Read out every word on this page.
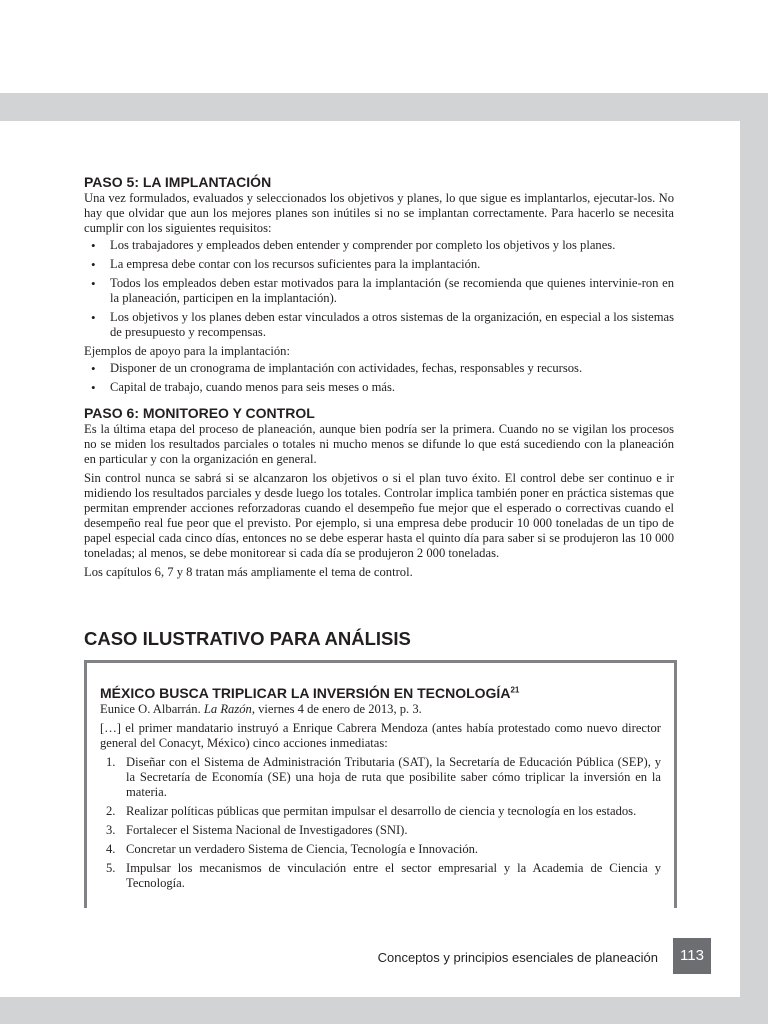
PASO 5: LA IMPLANTACIÓN

Una vez formulados, evaluados y seleccionados los objetivos y planes, lo que sigue es implantarlos, ejecutar-los. No hay que olvidar que aun los mejores planes son inútiles si no se implantan correctamente. Para hacerlo se necesita cumplir con los siguientes requisitos:

• Los trabajadores y empleados deben entender y comprender por completo los objetivos y los planes.
• La empresa debe contar con los recursos suficientes para la implantación.
• Todos los empleados deben estar motivados para la implantación (se recomienda que quienes intervinie-ron en la planeación, participen en la implantación).
• Los objetivos y los planes deben estar vinculados a otros sistemas de la organización, en especial a los sistemas de presupuesto y recompensas.

Ejemplos de apoyo para la implantación:

• Disponer de un cronograma de implantación con actividades, fechas, responsables y recursos.
• Capital de trabajo, cuando menos para seis meses o más.
PASO 6: MONITOREO Y CONTROL

Es la última etapa del proceso de planeación, aunque bien podría ser la primera. Cuando no se vigilan los procesos no se miden los resultados parciales o totales ni mucho menos se difunde lo que está sucediendo con la planeación en particular y con la organización en general.

Sin control nunca se sabrá si se alcanzaron los objetivos o si el plan tuvo éxito. El control debe ser continuo e ir midiendo los resultados parciales y desde luego los totales. Controlar implica también poner en práctica sistemas que permitan emprender acciones reforzadoras cuando el desempeño fue mejor que el esperado o correctivas cuando el desempeño real fue peor que el previsto. Por ejemplo, si una empresa debe producir 10 000 toneladas de un tipo de papel especial cada cinco días, entonces no se debe esperar hasta el quinto día para saber si se produjeron las 10 000 toneladas; al menos, se debe monitorear si cada día se produjeron 2 000 toneladas.

Los capítulos 6, 7 y 8 tratan más ampliamente el tema de control.

CASO ILUSTRATIVO PARA ANÁLISIS
MÉXICO BUSCA TRIPLICAR LA INVERSIÓN EN TECNOLOGÍA$^{21}$

Eunice O. Albarrán. La Razón, viernes 4 de enero de 2013, p. 3.

[…] el primer mandatario instruyó a Enrique Cabrera Mendoza (antes había protestado como nuevo director general del Conacyt, México) cinco acciones inmediatas:

1. Diseñar con el Sistema de Administración Tributaria (SAT), la Secretaría de Educación Pública (SEP), y la Secretaría de Economía (SE) una hoja de ruta que posibilite saber cómo triplicar la inversión en la materia.
2. Realizar políticas públicas que permitan impulsar el desarrollo de ciencia y tecnología en los estados.
3. Fortalecer el Sistema Nacional de Investigadores (SNI).
4. Concretar un verdadero Sistema de Ciencia, Tecnología e Innovación.
5. Impulsar los mecanismos de vinculación entre el sector empresarial y la Academia de Ciencia y Tecnología.
Conceptos y principios esenciales de planeación	113
